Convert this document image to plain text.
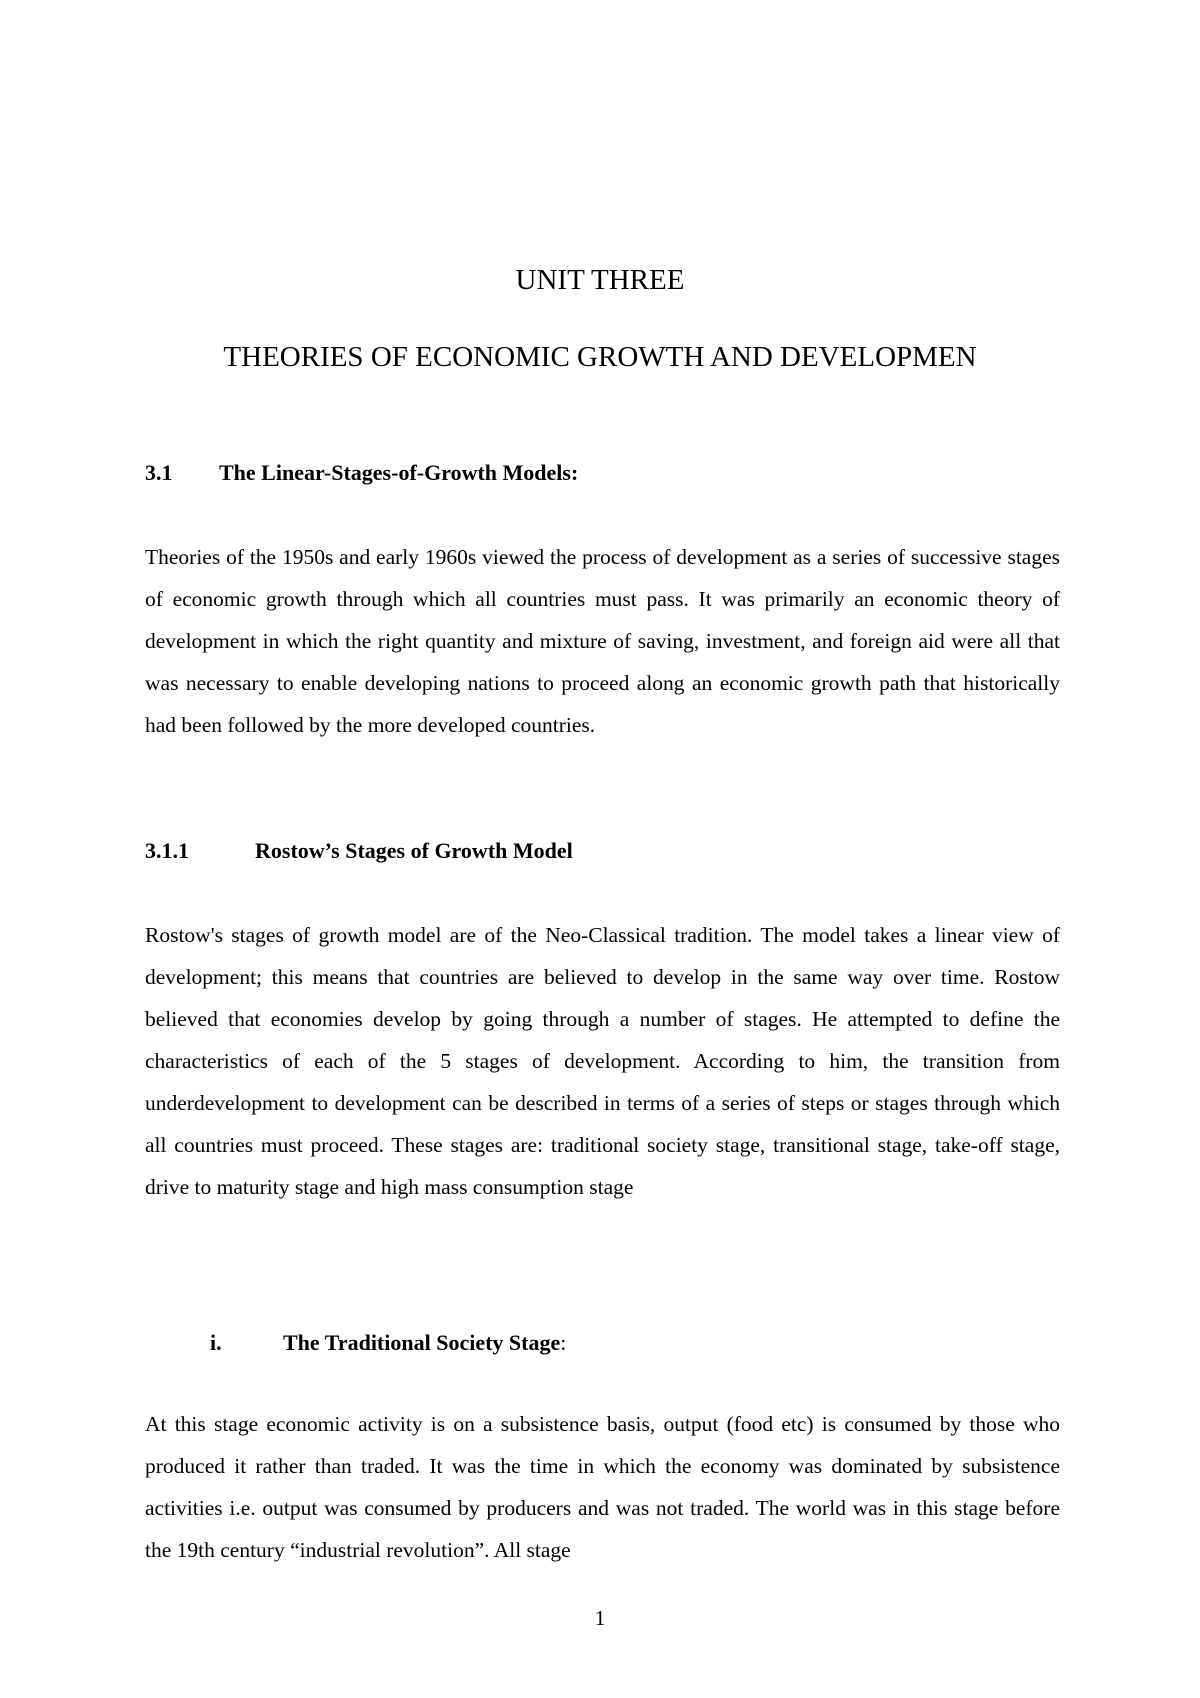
UNIT THREE
THEORIES OF ECONOMIC GROWTH AND DEVELOPMEN
3.1 The Linear-Stages-of-Growth Models:

Theories of the 1950s and early 1960s viewed the process of development as a series of successive stages of economic growth through which all countries must pass. It was primarily an economic theory of development in which the right quantity and mixture of saving, investment, and foreign aid were all that was necessary to enable developing nations to proceed along an economic growth path that historically had been followed by the more developed countries.

3.1.1	Rostow’s Stages of Growth Model

Rostow's stages of growth model are of the Neo-Classical tradition. The model takes a linear view of development; this means that countries are believed to develop in the same way over time. Rostow believed that economies develop by going through a number of stages. He attempted to define the characteristics of each of the 5 stages of development. According to him, the transition from underdevelopment to development can be described in terms of a series of steps or stages through which all countries must proceed. These stages are: traditional society stage, transitional stage, take-off stage, drive to maturity stage and high mass consumption stage

i.	The Traditional Society Stage:

At this stage economic activity is on a subsistence basis, output (food etc) is consumed by those who produced it rather than traded. It was the time in which the economy was dominated by subsistence activities i.e. output was consumed by producers and was not traded. The world was in this stage before the 19th century “industrial revolution”. All stage

1
